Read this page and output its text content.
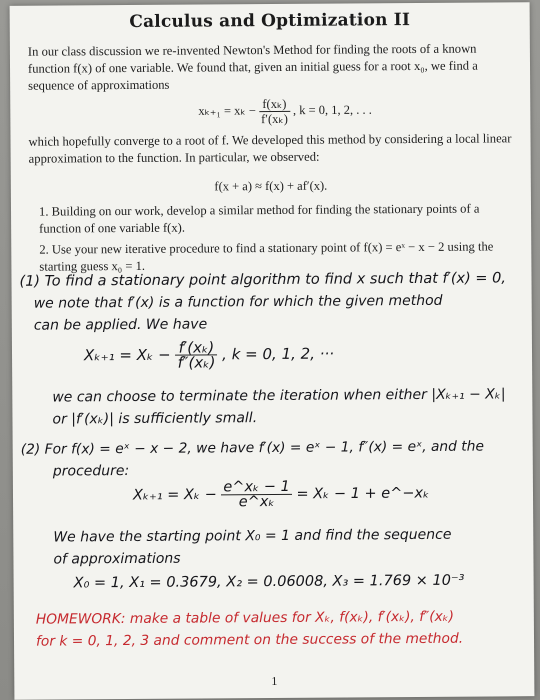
Calculus and Optimization II
In our class discussion we re-invented Newton's Method for finding the roots of a known function f(x) of one variable. We found that, given an initial guess for a root x₀, we find a sequence of approximations
$x_{k+1} = x_k - \frac{\text{f(xₖ)}}{\text{f′(xₖ)}}$ , k = 0, 1, 2, . . .
which hopefully converge to a root of f. We developed this method by considering a local linear approximation to the function. In particular, we observed:
f(x + a) ≈ f(x) + af′(x).
1. Building on our work, develop a similar method for finding the stationary points of a function of one variable f(x).
2. Use your new iterative procedure to find a stationary point of f(x) = eˣ − x − 2 using the starting guess x₀ = 1.
(1) To find a stationary point algorithm to find x such that f′(x) = 0,
we note that f′(x) is a function for which the given method
can be applied. We have
$X_{k+1} = X_k - \frac{\text{f′(xₖ)}}{\text{f″(xₖ)}}$ , k = 0, 1, 2, ···
we can choose to terminate the iteration when either |Xₖ₊₁ − Xₖ|
or |f′(xₖ)| is sufficiently small.
(2) For f(x) = eˣ − x − 2, we have f′(x) = eˣ − 1, f″(x) = eˣ, and the
procedure:
$X_{k+1} = X_k - \frac{\text{e\textasciicircum{}xₖ − 1}}{\text{e\textasciicircum{}xₖ}} = X_k - 1$ + e^−xₖ
We have the starting point X₀ = 1 and find the sequence
of approximations
X₀ = 1, X₁ = 0.3679, X₂ = 0.06008, X₃ = 1.769 × 10⁻³
HOMEWORK: make a table of values for Xₖ, f(xₖ), f′(xₖ), f″(xₖ)
for k = 0, 1, 2, 3 and comment on the success of the method.
1
